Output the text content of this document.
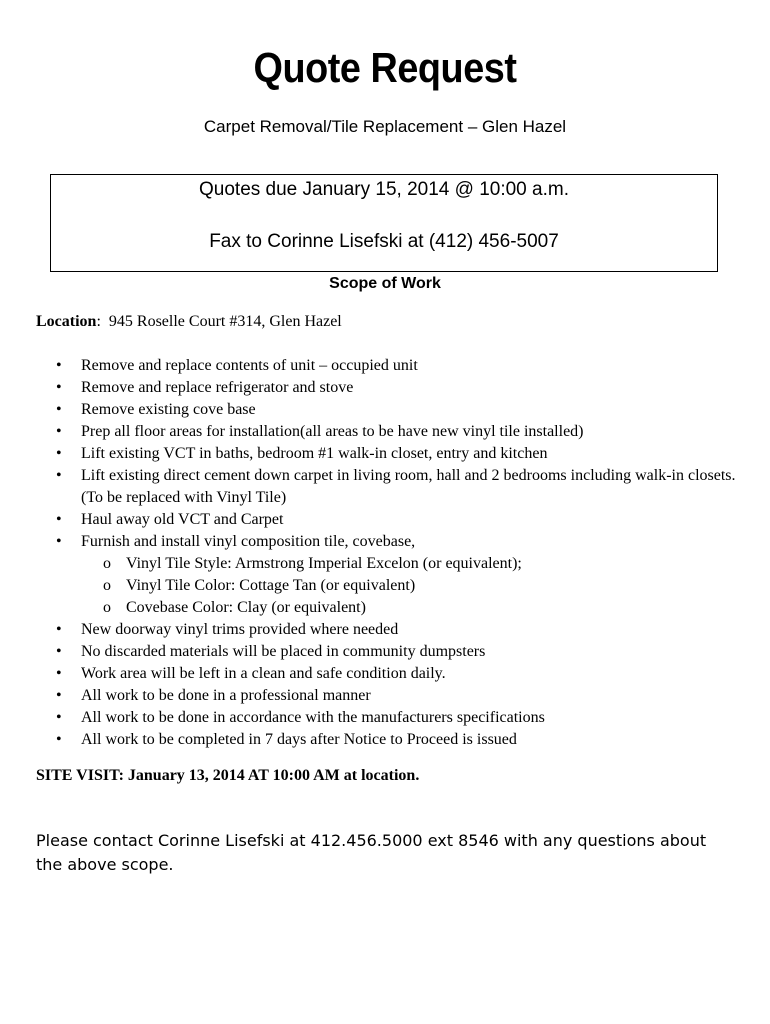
Quote Request
Carpet Removal/Tile Replacement – Glen Hazel
Quotes due January 15, 2014 @ 10:00 a.m.
Fax to Corinne Lisefski at (412) 456-5007
Scope of Work
Location: 945 Roselle Court #314, Glen Hazel
• Remove and replace contents of unit – occupied unit
• Remove and replace refrigerator and stove
• Remove existing cove base
• Prep all floor areas for installation(all areas to be have new vinyl tile installed)
• Lift existing VCT in baths, bedroom #1 walk-in closet, entry and kitchen
• Lift existing direct cement down carpet in living room, hall and 2 bedrooms including walk-in closets. (To be replaced with Vinyl Tile)
• Haul away old VCT and Carpet
• Furnish and install vinyl composition tile, covebase,
o Vinyl Tile Style: Armstrong Imperial Excelon (or equivalent);
o Vinyl Tile Color: Cottage Tan (or equivalent)
o Covebase Color: Clay (or equivalent)
• New doorway vinyl trims provided where needed
• No discarded materials will be placed in community dumpsters
• Work area will be left in a clean and safe condition daily.
• All work to be done in a professional manner
• All work to be done in accordance with the manufacturers specifications
• All work to be completed in 7 days after Notice to Proceed is issued
SITE VISIT: January 13, 2014 AT 10:00 AM at location.
Please contact Corinne Lisefski at 412.456.5000 ext 8546 with any questions about the above scope.
